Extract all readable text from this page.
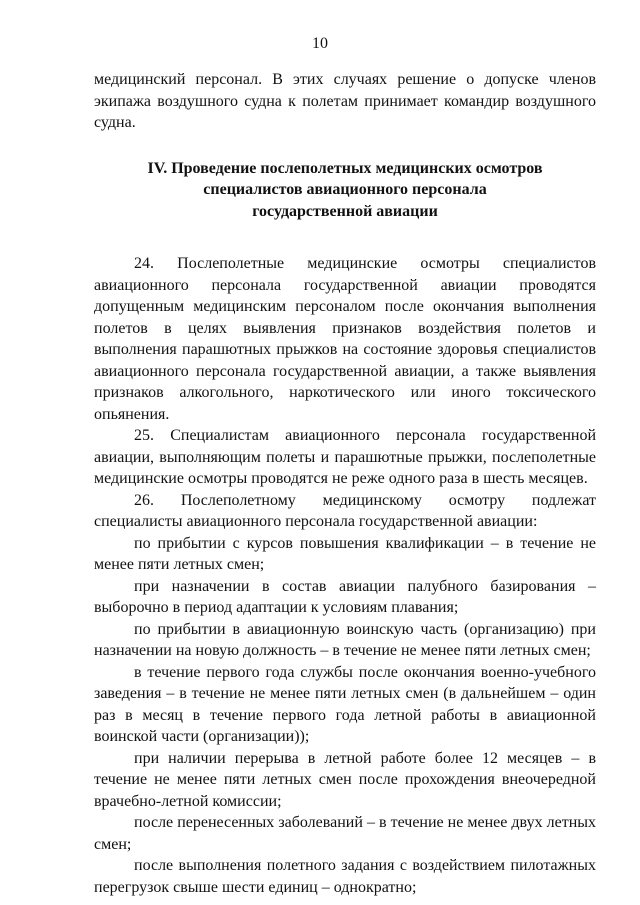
10

медицинский персонал. В этих случаях решение о допуске членов экипажа воздушного судна к полетам принимает командир воздушного судна.

IV. Проведение послеполетных медицинских осмотров
специалистов авиационного персонала
государственной авиации

24. Послеполетные медицинские осмотры специалистов авиационного персонала государственной авиации проводятся допущенным медицинским персоналом после окончания выполнения полетов в целях выявления признаков воздействия полетов и выполнения парашютных прыжков на состояние здоровья специалистов авиационного персонала государственной авиации, а также выявления признаков алкогольного, наркотического или иного токсического опьянения.

25. Специалистам авиационного персонала государственной авиации, выполняющим полеты и парашютные прыжки, послеполетные медицинские осмотры проводятся не реже одного раза в шесть месяцев.

26. Послеполетному медицинскому осмотру подлежат специалисты авиационного персонала государственной авиации:

по прибытии с курсов повышения квалификации – в течение не менее пяти летных смен;

при назначении в состав авиации палубного базирования – выборочно в период адаптации к условиям плавания;

по прибытии в авиационную воинскую часть (организацию) при назначении на новую должность – в течение не менее пяти летных смен;

в течение первого года службы после окончания военно-учебного заведения – в течение не менее пяти летных смен (в дальнейшем – один раз в месяц в течение первого года летной работы в авиационной воинской части (организации));

при наличии перерыва в летной работе более 12 месяцев – в течение не менее пяти летных смен после прохождения внеочередной врачебно-летной комиссии;

после перенесенных заболеваний – в течение не менее двух летных смен;

после выполнения полетного задания с воздействием пилотажных перегрузок свыше шести единиц – однократно;
